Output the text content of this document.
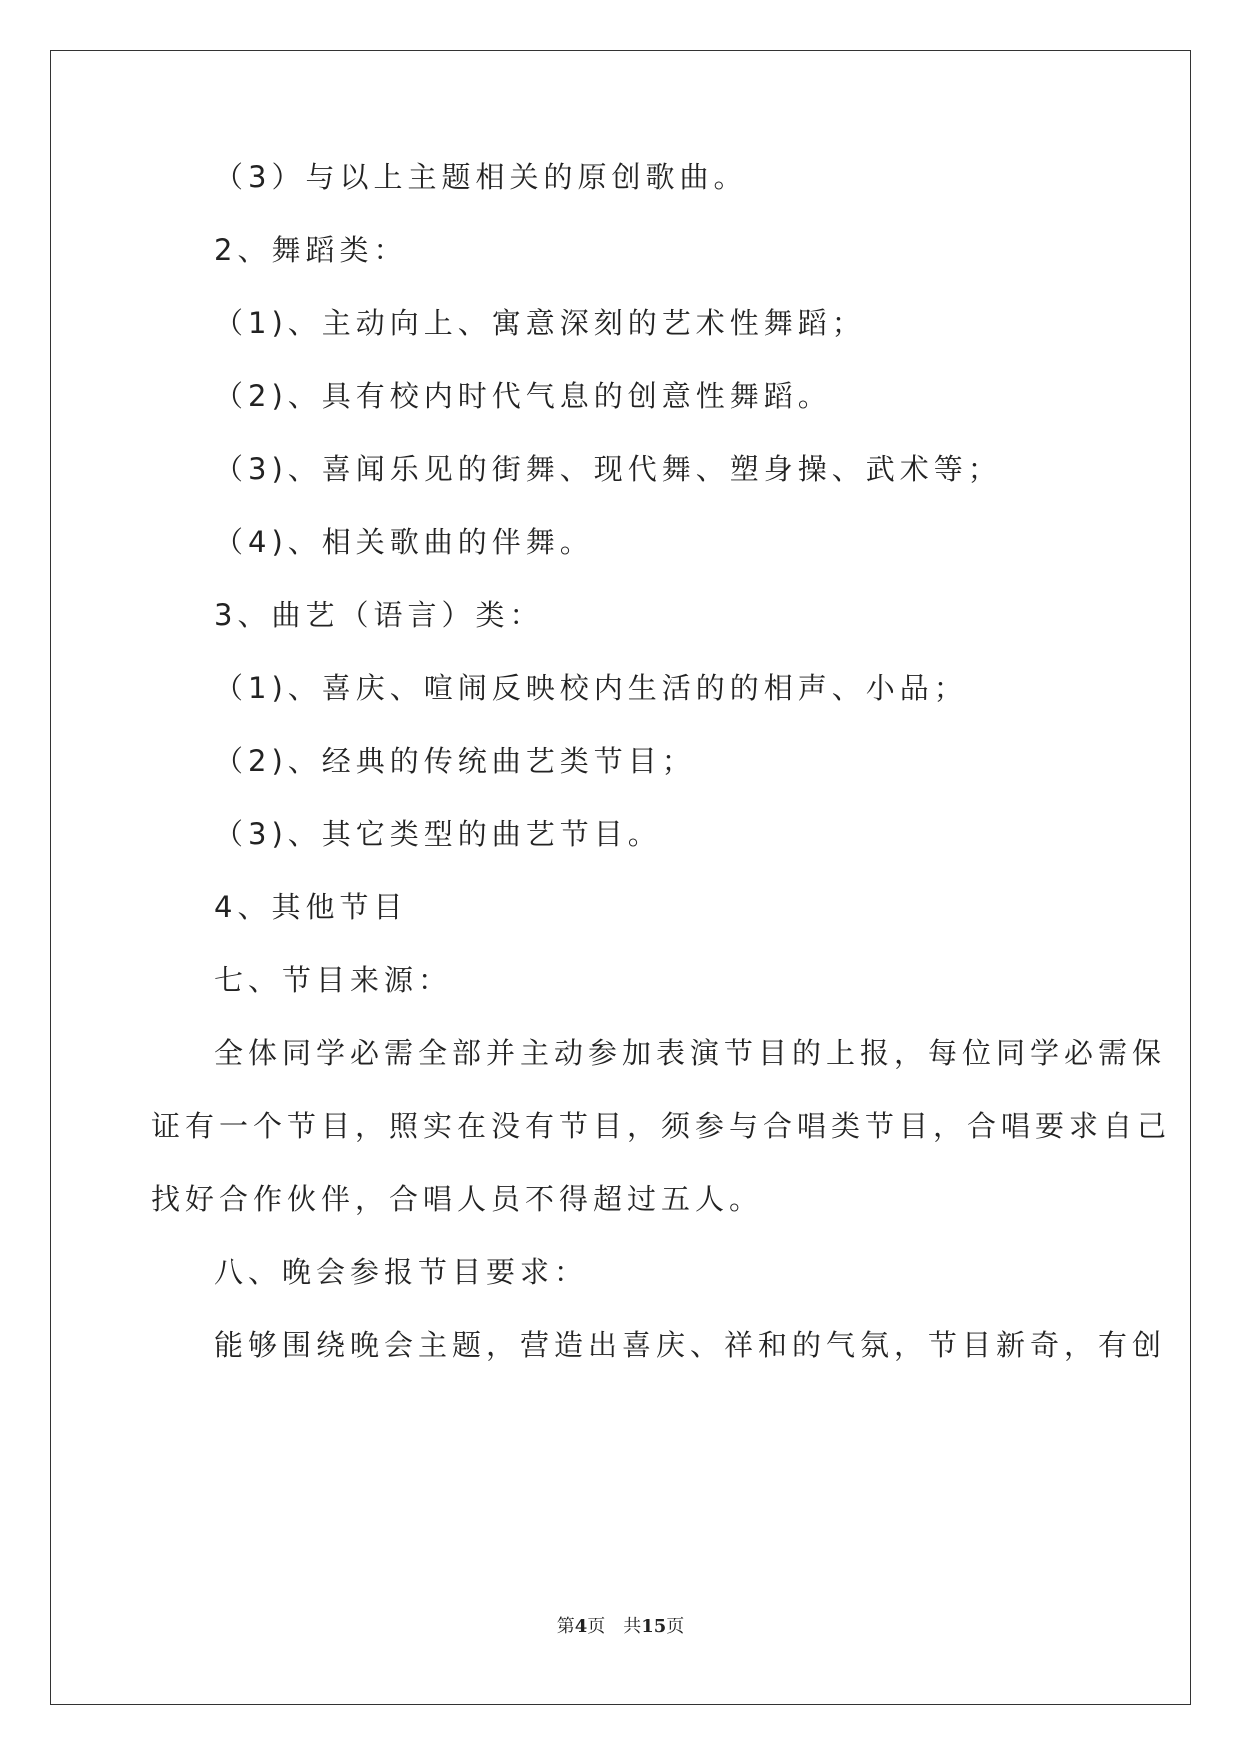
（3）与以上主题相关的原创歌曲。
2、舞蹈类：
（1)、主动向上、寓意深刻的艺术性舞蹈；
（2)、具有校内时代气息的创意性舞蹈。
（3)、喜闻乐见的街舞、现代舞、塑身操、武术等；
（4)、相关歌曲的伴舞。
3、曲艺（语言）类：
（1)、喜庆、喧闹反映校内生活的的相声、小品；
（2)、经典的传统曲艺类节目；
（3)、其它类型的曲艺节目。
4、其他节目
七、节目来源：
全体同学必需全部并主动参加表演节目的上报，每位同学必需保
证有一个节目，照实在没有节目，须参与合唱类节目，合唱要求自己
找好合作伙伴，合唱人员不得超过五人。
八、晚会参报节目要求：
能够围绕晚会主题，营造出喜庆、祥和的气氛，节目新奇，有创
第4页　共15页
